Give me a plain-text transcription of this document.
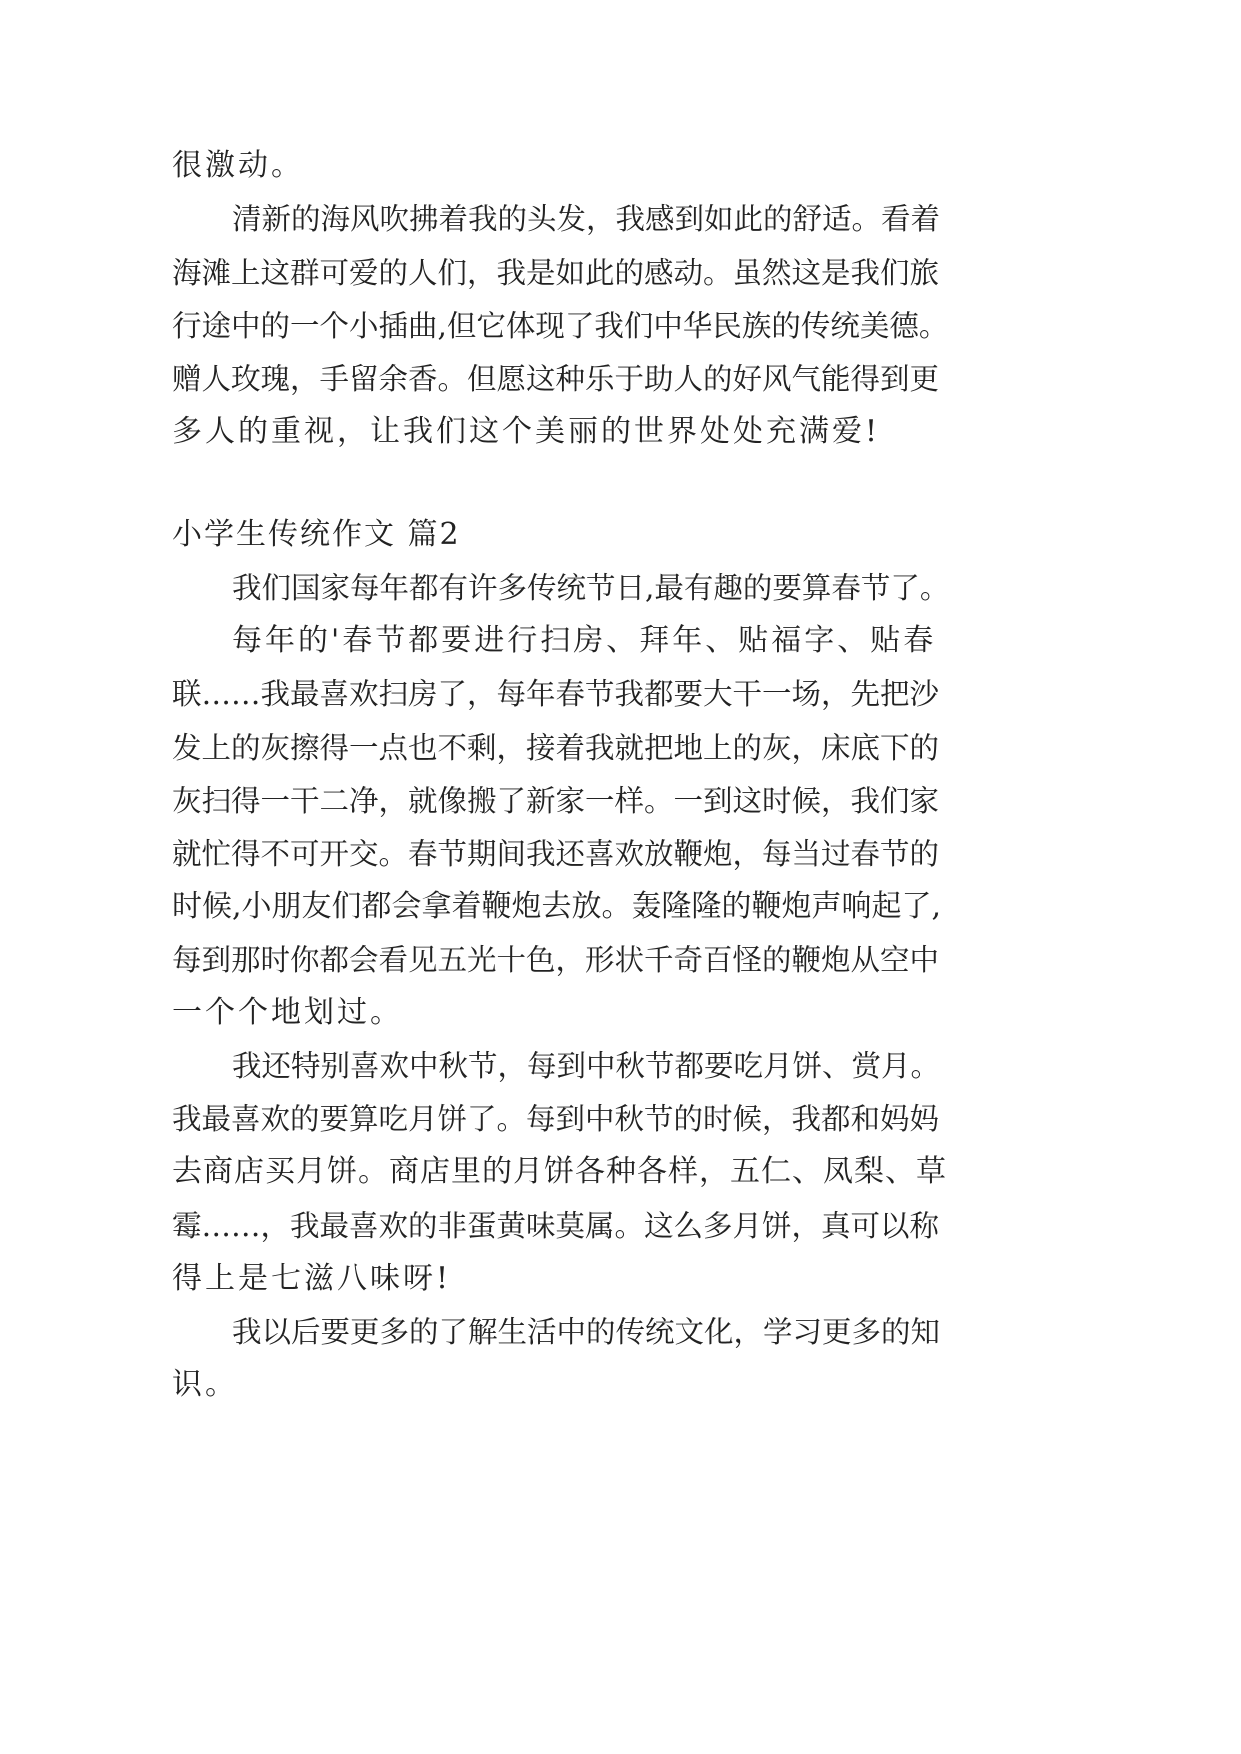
很激动。
清新的海风吹拂着我的头发，我感到如此的舒适。看着
海滩上这群可爱的人们，我是如此的感动。虽然这是我们旅
行途中的一个小插曲,但它体现了我们中华民族的传统美德。
赠人玫瑰，手留余香。但愿这种乐于助人的好风气能得到更
多人的重视，让我们这个美丽的世界处处充满爱!
小学生传统作文 篇2
我们国家每年都有许多传统节日,最有趣的要算春节了。
每年的'春节都要进行扫房、拜年、贴福字、贴春
联……我最喜欢扫房了，每年春节我都要大干一场，先把沙
发上的灰擦得一点也不剩，接着我就把地上的灰，床底下的
灰扫得一干二净，就像搬了新家一样。一到这时候，我们家
就忙得不可开交。春节期间我还喜欢放鞭炮，每当过春节的
时候,小朋友们都会拿着鞭炮去放。轰隆隆的鞭炮声响起了,
每到那时你都会看见五光十色，形状千奇百怪的鞭炮从空中
一个个地划过。
我还特别喜欢中秋节，每到中秋节都要吃月饼、赏月。
我最喜欢的要算吃月饼了。每到中秋节的时候，我都和妈妈
去商店买月饼。商店里的月饼各种各样，五仁、凤梨、草
霉……，我最喜欢的非蛋黄味莫属。这么多月饼，真可以称
得上是七滋八味呀!
我以后要更多的了解生活中的传统文化，学习更多的知
识。
